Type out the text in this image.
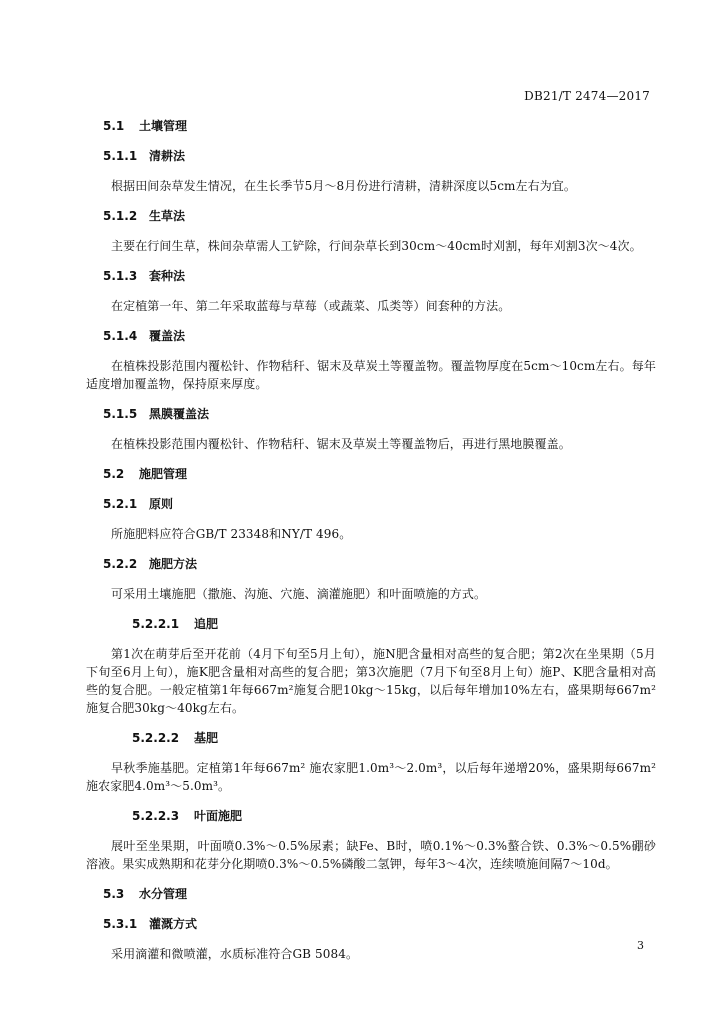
DB21/T 2474—2017
5.1 土壤管理
5.1.1 清耕法
根据田间杂草发生情况，在生长季节5月～8月份进行清耕，清耕深度以5cm左右为宜。
5.1.2 生草法
主要在行间生草，株间杂草需人工铲除，行间杂草长到30cm～40cm时刈割，每年刈割3次～4次。
5.1.3 套种法
在定植第一年、第二年采取蓝莓与草莓（或蔬菜、瓜类等）间套种的方法。
5.1.4 覆盖法
在植株投影范围内覆松针、作物秸秆、锯末及草炭土等覆盖物。覆盖物厚度在5cm～10cm左右。每年适度增加覆盖物，保持原来厚度。
5.1.5 黑膜覆盖法
在植株投影范围内覆松针、作物秸秆、锯末及草炭土等覆盖物后，再进行黑地膜覆盖。
5.2 施肥管理
5.2.1 原则
所施肥料应符合GB/T 23348和NY/T 496。
5.2.2 施肥方法
可采用土壤施肥（撒施、沟施、穴施、滴灌施肥）和叶面喷施的方式。
5.2.2.1 追肥
第1次在萌芽后至开花前（4月下旬至5月上旬），施N肥含量相对高些的复合肥；第2次在坐果期（5月下旬至6月上旬），施K肥含量相对高些的复合肥；第3次施肥（7月下旬至8月上旬）施P、K肥含量相对高些的复合肥。一般定植第1年每667m²施复合肥10kg～15kg，以后每年增加10%左右，盛果期每667m²施复合肥30kg～40kg左右。
5.2.2.2 基肥
早秋季施基肥。定植第1年每667m² 施农家肥1.0m³～2.0m³，以后每年递增20%，盛果期每667m²施农家肥4.0m³～5.0m³。
5.2.2.3 叶面施肥
展叶至坐果期，叶面喷0.3%～0.5%尿素；缺Fe、B时，喷0.1%～0.3%螯合铁、0.3%～0.5%硼砂溶液。果实成熟期和花芽分化期喷0.3%～0.5%磷酸二氢钾，每年3～4次，连续喷施间隔7～10d。
5.3 水分管理
5.3.1 灌溉方式
采用滴灌和微喷灌，水质标准符合GB 5084。
3
